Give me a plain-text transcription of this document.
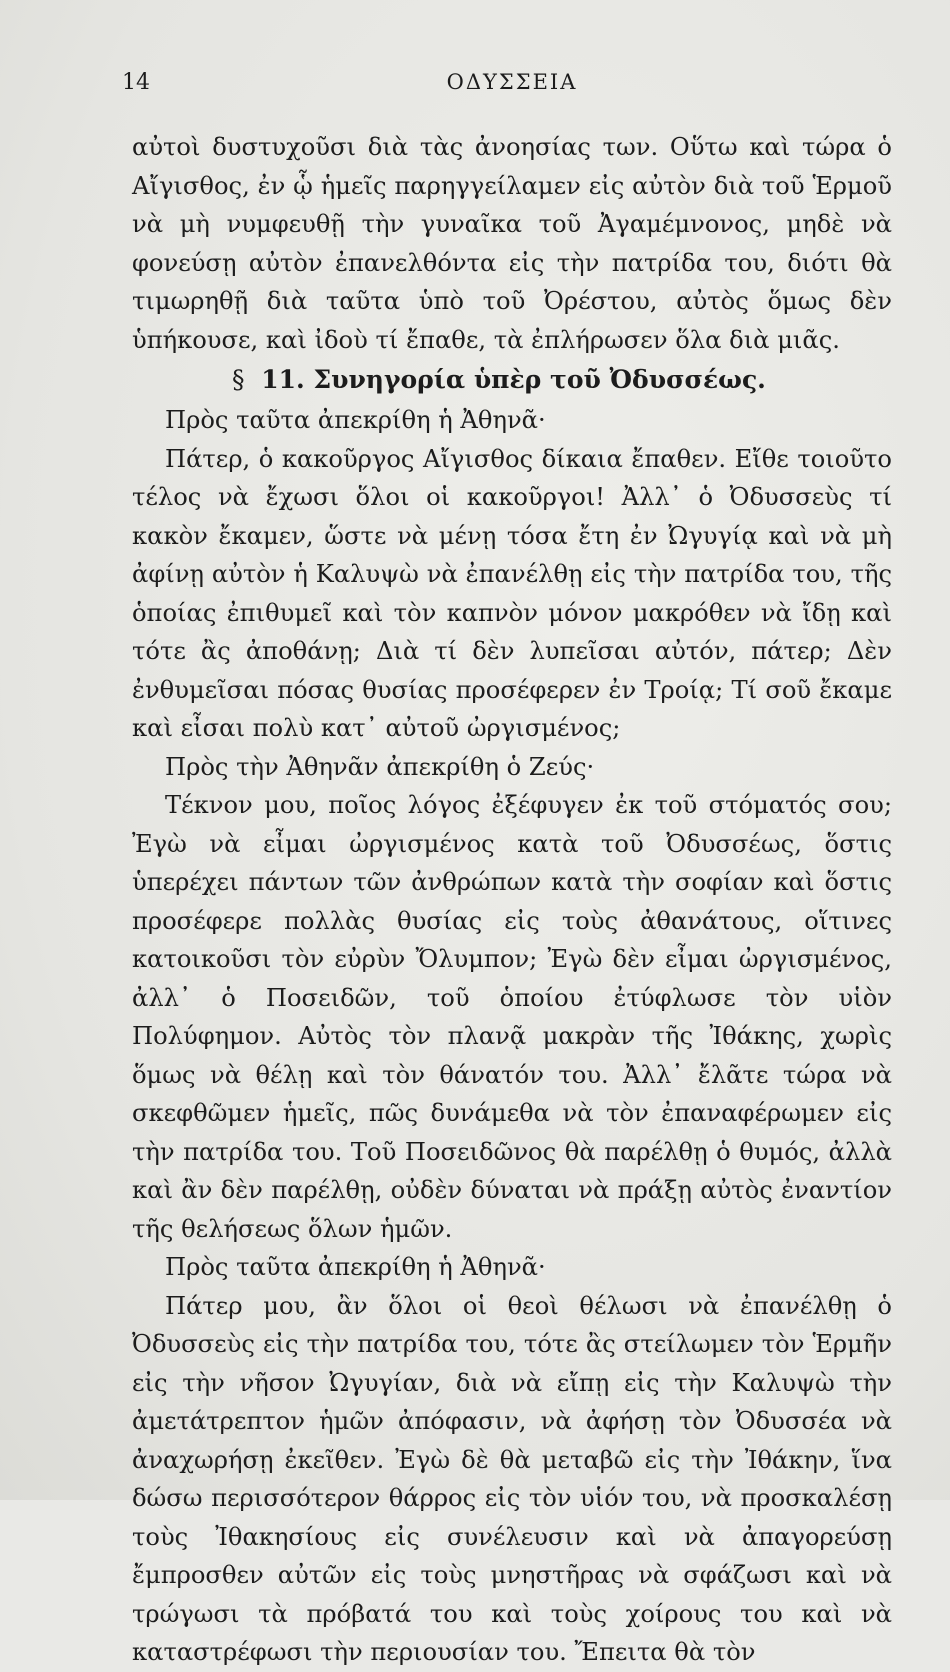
14	ΟΔΥΣΣΕΙΑ

αὐτοὶ δυστυχοῦσι διὰ τὰς ἀνοησίας των. Οὕτω καὶ τώρα ὁ Αἴγισθος, ἐν ᾧ ἡμεῖς παρηγγείλαμεν εἰς αὐτὸν διὰ τοῦ Ἑρμοῦ νὰ μὴ νυμφευθῇ τὴν γυναῖκα τοῦ Ἀγαμέμνονος, μηδὲ νὰ φονεύσῃ αὐτὸν ἐπανελθόντα εἰς τὴν πατρίδα του, διότι θὰ τιμωρηθῇ διὰ ταῦτα ὑπὸ τοῦ Ὀρέστου, αὐτὸς ὅμως δὲν ὑπήκουσε, καὶ ἰδοὺ τί ἔπαθε, τὰ ἐπλήρωσεν ὅλα διὰ μιᾶς.

§ 11. Συνηγορία ὑπὲρ τοῦ Ὀδυσσέως.

Πρὸς ταῦτα ἀπεκρίθη ἡ Ἀθηνᾶ·

Πάτερ, ὁ κακοῦργος Αἴγισθος δίκαια ἔπαθεν. Εἴθε τοιοῦτο τέλος νὰ ἔχωσι ὅλοι οἱ κακοῦργοι! Ἀλλ᾽ ὁ Ὀδυσσεὺς τί κακὸν ἔκαμεν, ὥστε νὰ μένῃ τόσα ἔτη ἐν Ὠγυγίᾳ καὶ νὰ μὴ ἀφίνῃ αὐτὸν ἡ Καλυψὼ νὰ ἐπανέλθῃ εἰς τὴν πατρίδα του, τῆς ὁποίας ἐπιθυμεῖ καὶ τὸν καπνὸν μόνον μακρόθεν νὰ ἴδῃ καὶ τότε ἂς ἀποθάνῃ; Διὰ τί δὲν λυπεῖσαι αὐτόν, πάτερ; Δὲν ἐνθυμεῖσαι πόσας θυσίας προσέφερεν ἐν Τροίᾳ; Τί σοῦ ἔκαμε καὶ εἶσαι πολὺ κατ᾽ αὐτοῦ ὠργισμένος;

Πρὸς τὴν Ἀθηνᾶν ἀπεκρίθη ὁ Ζεύς·

Τέκνον μου, ποῖος λόγος ἐξέφυγεν ἐκ τοῦ στόματός σου; Ἐγὼ νὰ εἶμαι ὠργισμένος κατὰ τοῦ Ὀδυσσέως, ὅστις ὑπερέχει πάντων τῶν ἀνθρώπων κατὰ τὴν σοφίαν καὶ ὅστις προσέφερε πολλὰς θυσίας εἰς τοὺς ἀθανάτους, οἵτινες κατοικοῦσι τὸν εὐρὺν Ὄλυμπον; Ἐγὼ δὲν εἶμαι ὠργισμένος, ἀλλ᾽ ὁ Ποσειδῶν, τοῦ ὁποίου ἐτύφλωσε τὸν υἱὸν Πολύφημον. Αὐτὸς τὸν πλανᾷ μακρὰν τῆς Ἰθάκης, χωρὶς ὅμως νὰ θέλῃ καὶ τὸν θάνατόν του. Ἀλλ᾽ ἔλᾶτε τώρα νὰ σκεφθῶμεν ἡμεῖς, πῶς δυνάμεθα νὰ τὸν ἐπαναφέρωμεν εἰς τὴν πατρίδα του. Τοῦ Ποσειδῶνος θὰ παρέλθῃ ὁ θυμός, ἀλλὰ καὶ ἂν δὲν παρέλθῃ, οὐδὲν δύναται νὰ πράξῃ αὐτὸς ἐναντίον τῆς θελήσεως ὅλων ἡμῶν.

Πρὸς ταῦτα ἀπεκρίθη ἡ Ἀθηνᾶ·

Πάτερ μου, ἂν ὅλοι οἱ θεοὶ θέλωσι νὰ ἐπανέλθῃ ὁ Ὀδυσσεὺς εἰς τὴν πατρίδα του, τότε ἂς στείλωμεν τὸν Ἑρμῆν εἰς τὴν νῆσον Ὠγυγίαν, διὰ νὰ εἴπῃ εἰς τὴν Καλυψὼ τὴν ἀμετάτρεπτον ἡμῶν ἀπόφασιν, νὰ ἀφήσῃ τὸν Ὀδυσσέα νὰ ἀναχωρήσῃ ἐκεῖθεν. Ἐγὼ δὲ θὰ μεταβῶ εἰς τὴν Ἰθάκην, ἵνα δώσω περισσότερον θάρρος εἰς τὸν υἱόν του, νὰ προσκαλέσῃ τοὺς Ἰθακησίους εἰς συνέλευσιν καὶ νὰ ἀπαγορεύσῃ ἔμπροσθεν αὐτῶν εἰς τοὺς μνηστῆρας νὰ σφάζωσι καὶ νὰ τρώγωσι τὰ πρόβατά του καὶ τοὺς χοίρους του καὶ νὰ καταστρέφωσι τὴν περιουσίαν του. Ἔπειτα θὰ τὸν
